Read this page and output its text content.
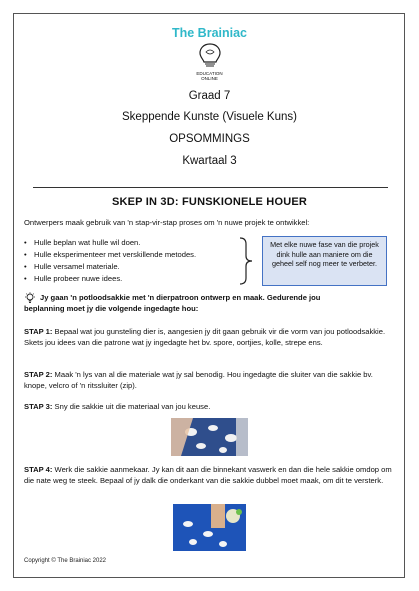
The Brainiac
EDUCATION
ONLINE
Graad 7
Skeppende Kunste (Visuele Kuns)
OPSOMMINGS
Kwartaal 3
SKEP IN 3D: FUNSKIONELE HOUER
Ontwerpers maak gebruik van 'n stap-vir-stap proses om 'n nuwe projek te ontwikkel:
• Hulle beplan wat hulle wil doen.
• Hulle eksperimenteer met verskillende metodes.
• Hulle versamel materiale.
• Hulle probeer nuwe idees.
Met elke nuwe fase van die projek dink hulle aan maniere om die geheel self nog meer te verbeter.
Jy gaan 'n potloodsakkie met 'n dierpatroon ontwerp en maak. Gedurende jou
beplanning moet jy die volgende ingedagte hou:
STAP 1: Bepaal wat jou gunsteling dier is, aangesien jy dit gaan gebruik vir die vorm van jou potloodsakkie. Skets jou idees van die patrone wat jy ingedagte het bv. spore, oortjies, kolle, strepe ens.
STAP 2: Maak 'n lys van al die materiale wat jy sal benodig. Hou ingedagte die sluiter van die sakkie bv. knope, velcro of 'n ritssluiter (zip).
STAP 3: Sny die sakkie uit die materiaal van jou keuse.
STAP 4: Werk die sakkie aanmekaar. Jy kan dit aan die binnekant vaswerk en dan die hele sakkie omdop om die nate weg te steek. Bepaal of jy dalk die onderkant van die sakkie dubbel moet maak, om dit te versterk.
Copyright © The Brainiac 2022
